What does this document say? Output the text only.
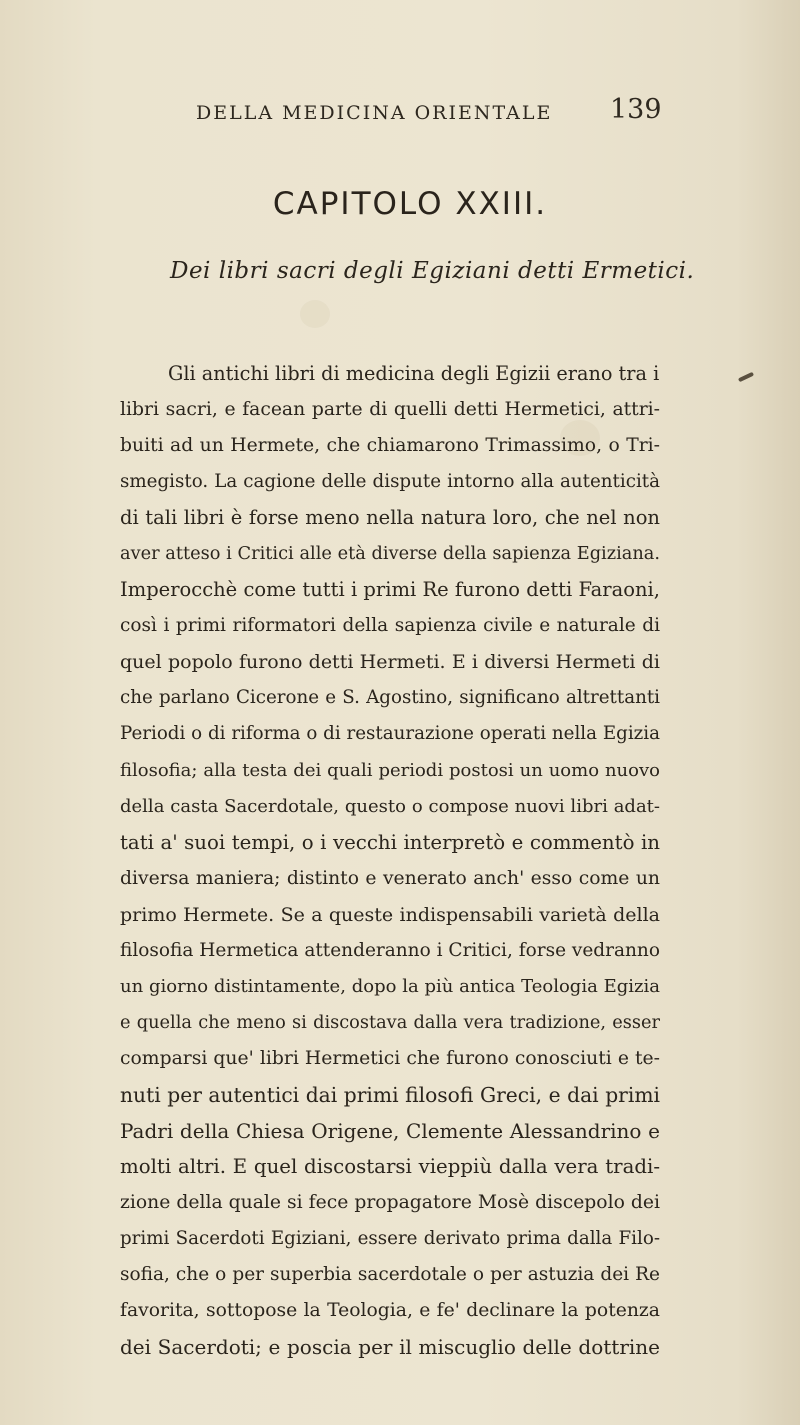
DELLA MEDICINA ORIENTALE 139
CAPITOLO XXIII.
Dei libri sacri degli Egiziani detti Ermetici.
Gli antichi libri di medicina degli Egizii erano tra i
libri sacri, e facean parte di quelli detti Hermetici, attri-
buiti ad un Hermete, che chiamarono Trimassimo, o Tri-
smegisto. La cagione delle dispute intorno alla autenticità
di tali libri è forse meno nella natura loro, che nel non
aver atteso i Critici alle età diverse della sapienza Egiziana.
Imperocchè come tutti i primi Re furono detti Faraoni,
così i primi riformatori della sapienza civile e naturale di
quel popolo furono detti Hermeti. E i diversi Hermeti di
che parlano Cicerone e S. Agostino, significano altrettanti
Periodi o di riforma o di restaurazione operati nella Egizia
filosofia; alla testa dei quali periodi postosi un uomo nuovo
della casta Sacerdotale, questo o compose nuovi libri adat-
tati a' suoi tempi, o i vecchi interpretò e commentò in
diversa maniera; distinto e venerato anch' esso come un
primo Hermete. Se a queste indispensabili varietà della
filosofia Hermetica attenderanno i Critici, forse vedranno
un giorno distintamente, dopo la più antica Teologia Egizia
e quella che meno si discostava dalla vera tradizione, esser
comparsi que' libri Hermetici che furono conosciuti e te-
nuti per autentici dai primi filosofi Greci, e dai primi
Padri della Chiesa Origene, Clemente Alessandrino e
molti altri. E quel discostarsi vieppiù dalla vera tradi-
zione della quale si fece propagatore Mosè discepolo dei
primi Sacerdoti Egiziani, essere derivato prima dalla Filo-
sofia, che o per superbia sacerdotale o per astuzia dei Re
favorita, sottopose la Teologia, e fe' declinare la potenza
dei Sacerdoti; e poscia per il miscuglio delle dottrine
